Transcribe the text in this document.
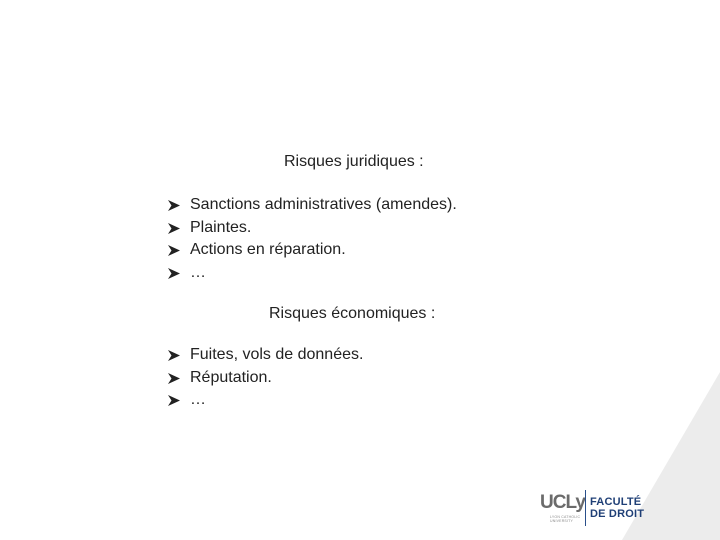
Risques juridiques :
Sanctions administratives (amendes).
Plaintes.
Actions en réparation.
…
Risques économiques :
Fuites, vols de données.
Réputation.
…
UCLy
LYON CATHOLIC
UNIVERSITY
FACULTÉ
DE DROIT
